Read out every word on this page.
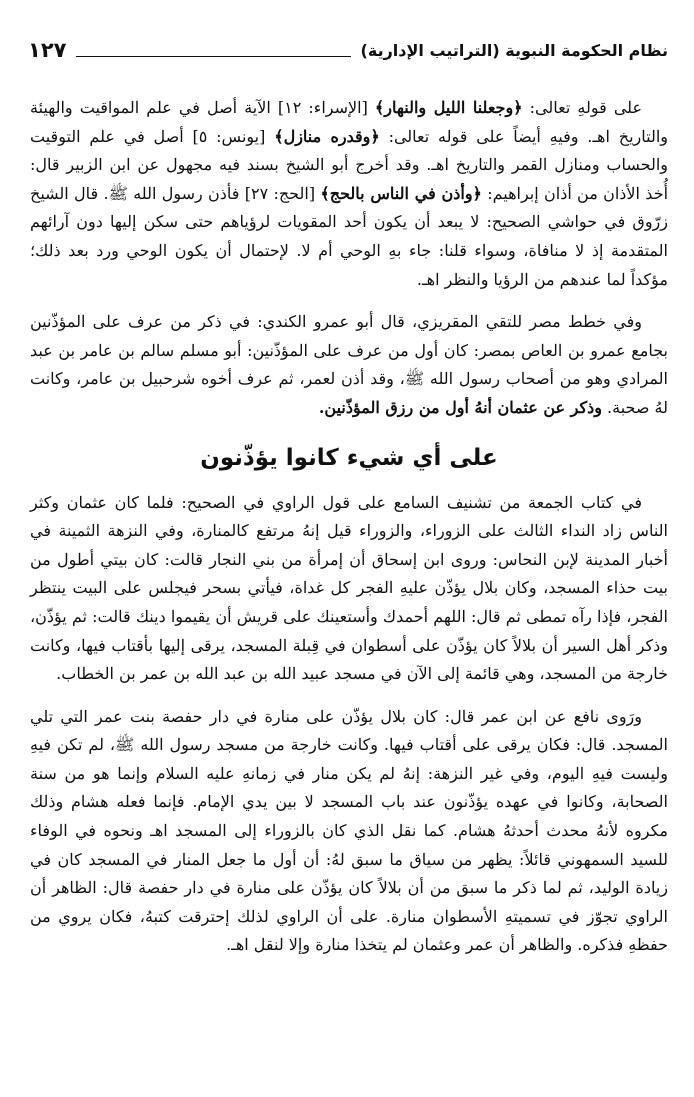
نظام الحكومة النبوية (التراتيب الإدارية)
١٢٧

على قولهِ تعالى: ﴿وجعلنا الليل والنهار﴾ [الإسراء: ١٢] الآية أصل في علم المواقيت والهيئة والتاريخ اهـ. وفيهِ أيضاً على قوله تعالى: ﴿وقدره منازل﴾ [يونس: ٥] أصل في علم التوقيت والحساب ومنازل القمر والتاريخ اهـ. وقد أخرج أبو الشيخ بسند فيه مجهول عن ابن الزبير قال: أُخذ الأذان من أذان إبراهيم: ﴿وأذن في الناس بالحج﴾ [الحج: ٢٧] فأذن رسول الله ﷺ. قال الشيخ زرّوق في حواشي الصحيح: لا يبعد أن يكون أحد المقويات لرؤياهم حتى سكن إليها دون آرائهم المتقدمة إذ لا منافاة، وسواء قلنا: جاء بهِ الوحي أم لا. لإحتمال أن يكون الوحي ورد بعد ذلك؛ مؤكداً لما عندهم من الرؤيا والنظر اهـ.

وفي خطط مصر للتقي المقريزي، قال أبو عمرو الكندي: في ذكر من عرف على المؤذّنين بجامع عمرو بن العاص بمصر: كان أول من عرف على المؤذّنين: أبو مسلم سالم بن عامر بن عبد المرادي وهو من أصحاب رسول الله ﷺ، وقد أذن لعمر، ثم عرف أخوه شرحبيل بن عامر، وكانت لهُ صحبة. وذكر عن عثمان أنهُ أول من رزق المؤذّنين.

على أي شيء كانوا يؤذّنون

في كتاب الجمعة من تشنيف السامع على قول الراوي في الصحيح: فلما كان عثمان وكثر الناس زاد النداء الثالث على الزوراء، والزوراء قيل إنهُ مرتفع كالمنارة، وفي النزهة الثمينة في أخبار المدينة لإبن النحاس: وروى ابن إسحاق أن إمرأة من بني النجار قالت: كان بيتي أطول من بيت حذاء المسجد، وكان بلال يؤذّن عليهِ الفجر كل غداة، فيأتي بسحر فيجلس على البيت ينتظر الفجر، فإذا رآه تمطى ثم قال: اللهم أحمدك وأستعينك على قريش أن يقيموا دينك قالت: ثم يؤذّن، وذكر أهل السير أن بلالاً كان يؤذّن على أسطوان في قِبلة المسجد، يرقى إليها بأقتاب فيها، وكانت خارجة من المسجد، وهي قائمة إلى الآن في مسجد عبيد الله بن عبد الله بن عمر بن الخطاب.

ورَوى نافع عن ابن عمر قال: كان بلال يؤذّن على منارة في دار حفصة بنت عمر التي تلي المسجد. قال: فكان يرقى على أقتاب فيها. وكانت خارجة من مسجد رسول الله ﷺ، لم تكن فيهِ وليست فيهِ اليوم، وفي غير النزهة: إنهُ لم يكن منار في زمانهِ عليه السلام وإنما هو من سنة الصحابة، وكانوا في عهده يؤذّنون عند باب المسجد لا بين يدي الإمام. فإنما فعله هشام وذلك مكروه لأنهُ محدث أحدثهُ هشام. كما نقل الذي كان بالزوراء إلى المسجد اهـ ونحوه في الوفاء للسيد السمهوني قائلاً: يظهر من سياق ما سبق لهُ: أن أول ما جعل المنار في المسجد كان في زيادة الوليد، ثم لما ذكر ما سبق من أن بلالاً كان يؤذّن على منارة في دار حفصة قال: الظاهر أن الراوي تجوّز في تسميتهِ الأسطوان منارة. على أن الراوي لذلك إحترقت كتبهُ، فكان يروي من حفظهِ فذكره. والظاهر أن عمر وعثمان لم يتخذا منارة وإلا لنقل اهـ.
